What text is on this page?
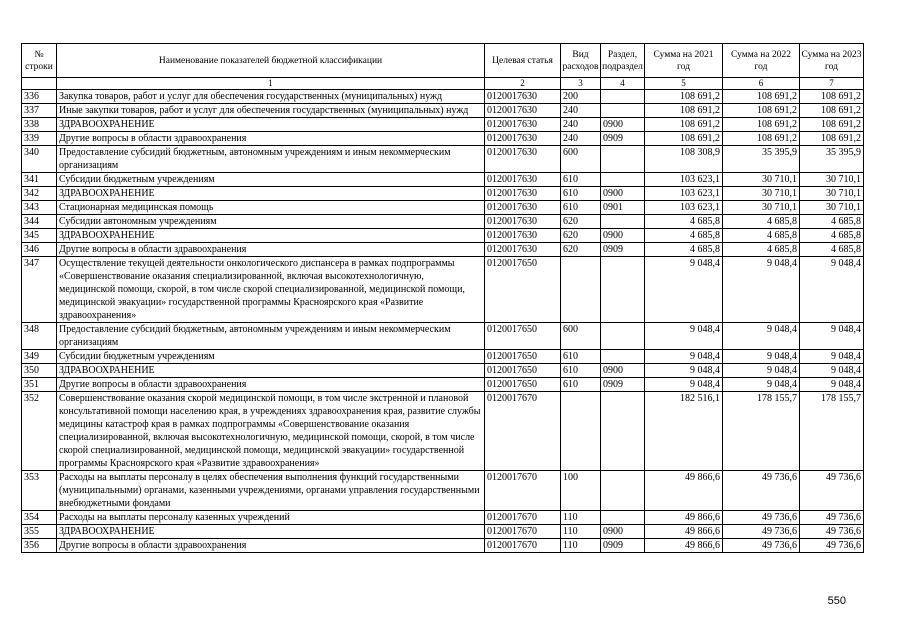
№ строки	Наименование показателей бюджетной классификации	Целевая статья	Вид расходов	Раздел, подраздел	Сумма на 2021 год	Сумма на 2022 год	Сумма на 2023 год
	1	2	3	4	5	6	7
336	Закупка товаров, работ и услуг для обеспечения государственных (муниципальных) нужд	0120017630	200		108 691,2	108 691,2	108 691,2
337	Иные закупки товаров, работ и услуг для обеспечения государственных (муниципальных) нужд	0120017630	240		108 691,2	108 691,2	108 691,2
338	ЗДРАВООХРАНЕНИЕ	0120017630	240	0900	108 691,2	108 691,2	108 691,2
339	Другие вопросы в области здравоохранения	0120017630	240	0909	108 691,2	108 691,2	108 691,2
340	Предоставление субсидий бюджетным, автономным учреждениям и иным некоммерческим организациям	0120017630	600		108 308,9	35 395,9	35 395,9
341	Субсидии бюджетным учреждениям	0120017630	610		103 623,1	30 710,1	30 710,1
342	ЗДРАВООХРАНЕНИЕ	0120017630	610	0900	103 623,1	30 710,1	30 710,1
343	Стационарная медицинская помощь	0120017630	610	0901	103 623,1	30 710,1	30 710,1
344	Субсидии автономным учреждениям	0120017630	620		4 685,8	4 685,8	4 685,8
345	ЗДРАВООХРАНЕНИЕ	0120017630	620	0900	4 685,8	4 685,8	4 685,8
346	Другие вопросы в области здравоохранения	0120017630	620	0909	4 685,8	4 685,8	4 685,8
347	Осуществление текущей деятельности онкологического диспансера в рамках подпрограммы «Совершенствование оказания специализированной, включая высокотехнологичную, медицинской помощи, скорой, в том числе скорой специализированной, медицинской помощи, медицинской эвакуации» государственной программы Красноярского края «Развитие здравоохранения»	0120017650			9 048,4	9 048,4	9 048,4
348	Предоставление субсидий бюджетным, автономным учреждениям и иным некоммерческим организациям	0120017650	600		9 048,4	9 048,4	9 048,4
349	Субсидии бюджетным учреждениям	0120017650	610		9 048,4	9 048,4	9 048,4
350	ЗДРАВООХРАНЕНИЕ	0120017650	610	0900	9 048,4	9 048,4	9 048,4
351	Другие вопросы в области здравоохранения	0120017650	610	0909	9 048,4	9 048,4	9 048,4
352	Совершенствование оказания скорой медицинской помощи, в том числе экстренной и плановой консультативной помощи населению края, в учреждениях здравоохранения края, развитие службы медицины катастроф края в рамках подпрограммы «Совершенствование оказания специализированной, включая высокотехнологичную, медицинской помощи, скорой, в том числе скорой специализированной, медицинской помощи, медицинской эвакуации» государственной программы Красноярского края «Развитие здравоохранения»	0120017670			182 516,1	178 155,7	178 155,7
353	Расходы на выплаты персоналу в целях обеспечения выполнения функций государственными (муниципальными) органами, казенными учреждениями, органами управления государственными внебюджетными фондами	0120017670	100		49 866,6	49 736,6	49 736,6
354	Расходы на выплаты персоналу казенных учреждений	0120017670	110		49 866,6	49 736,6	49 736,6
355	ЗДРАВООХРАНЕНИЕ	0120017670	110	0900	49 866,6	49 736,6	49 736,6
356	Другие вопросы в области здравоохранения	0120017670	110	0909	49 866,6	49 736,6	49 736,6
550
